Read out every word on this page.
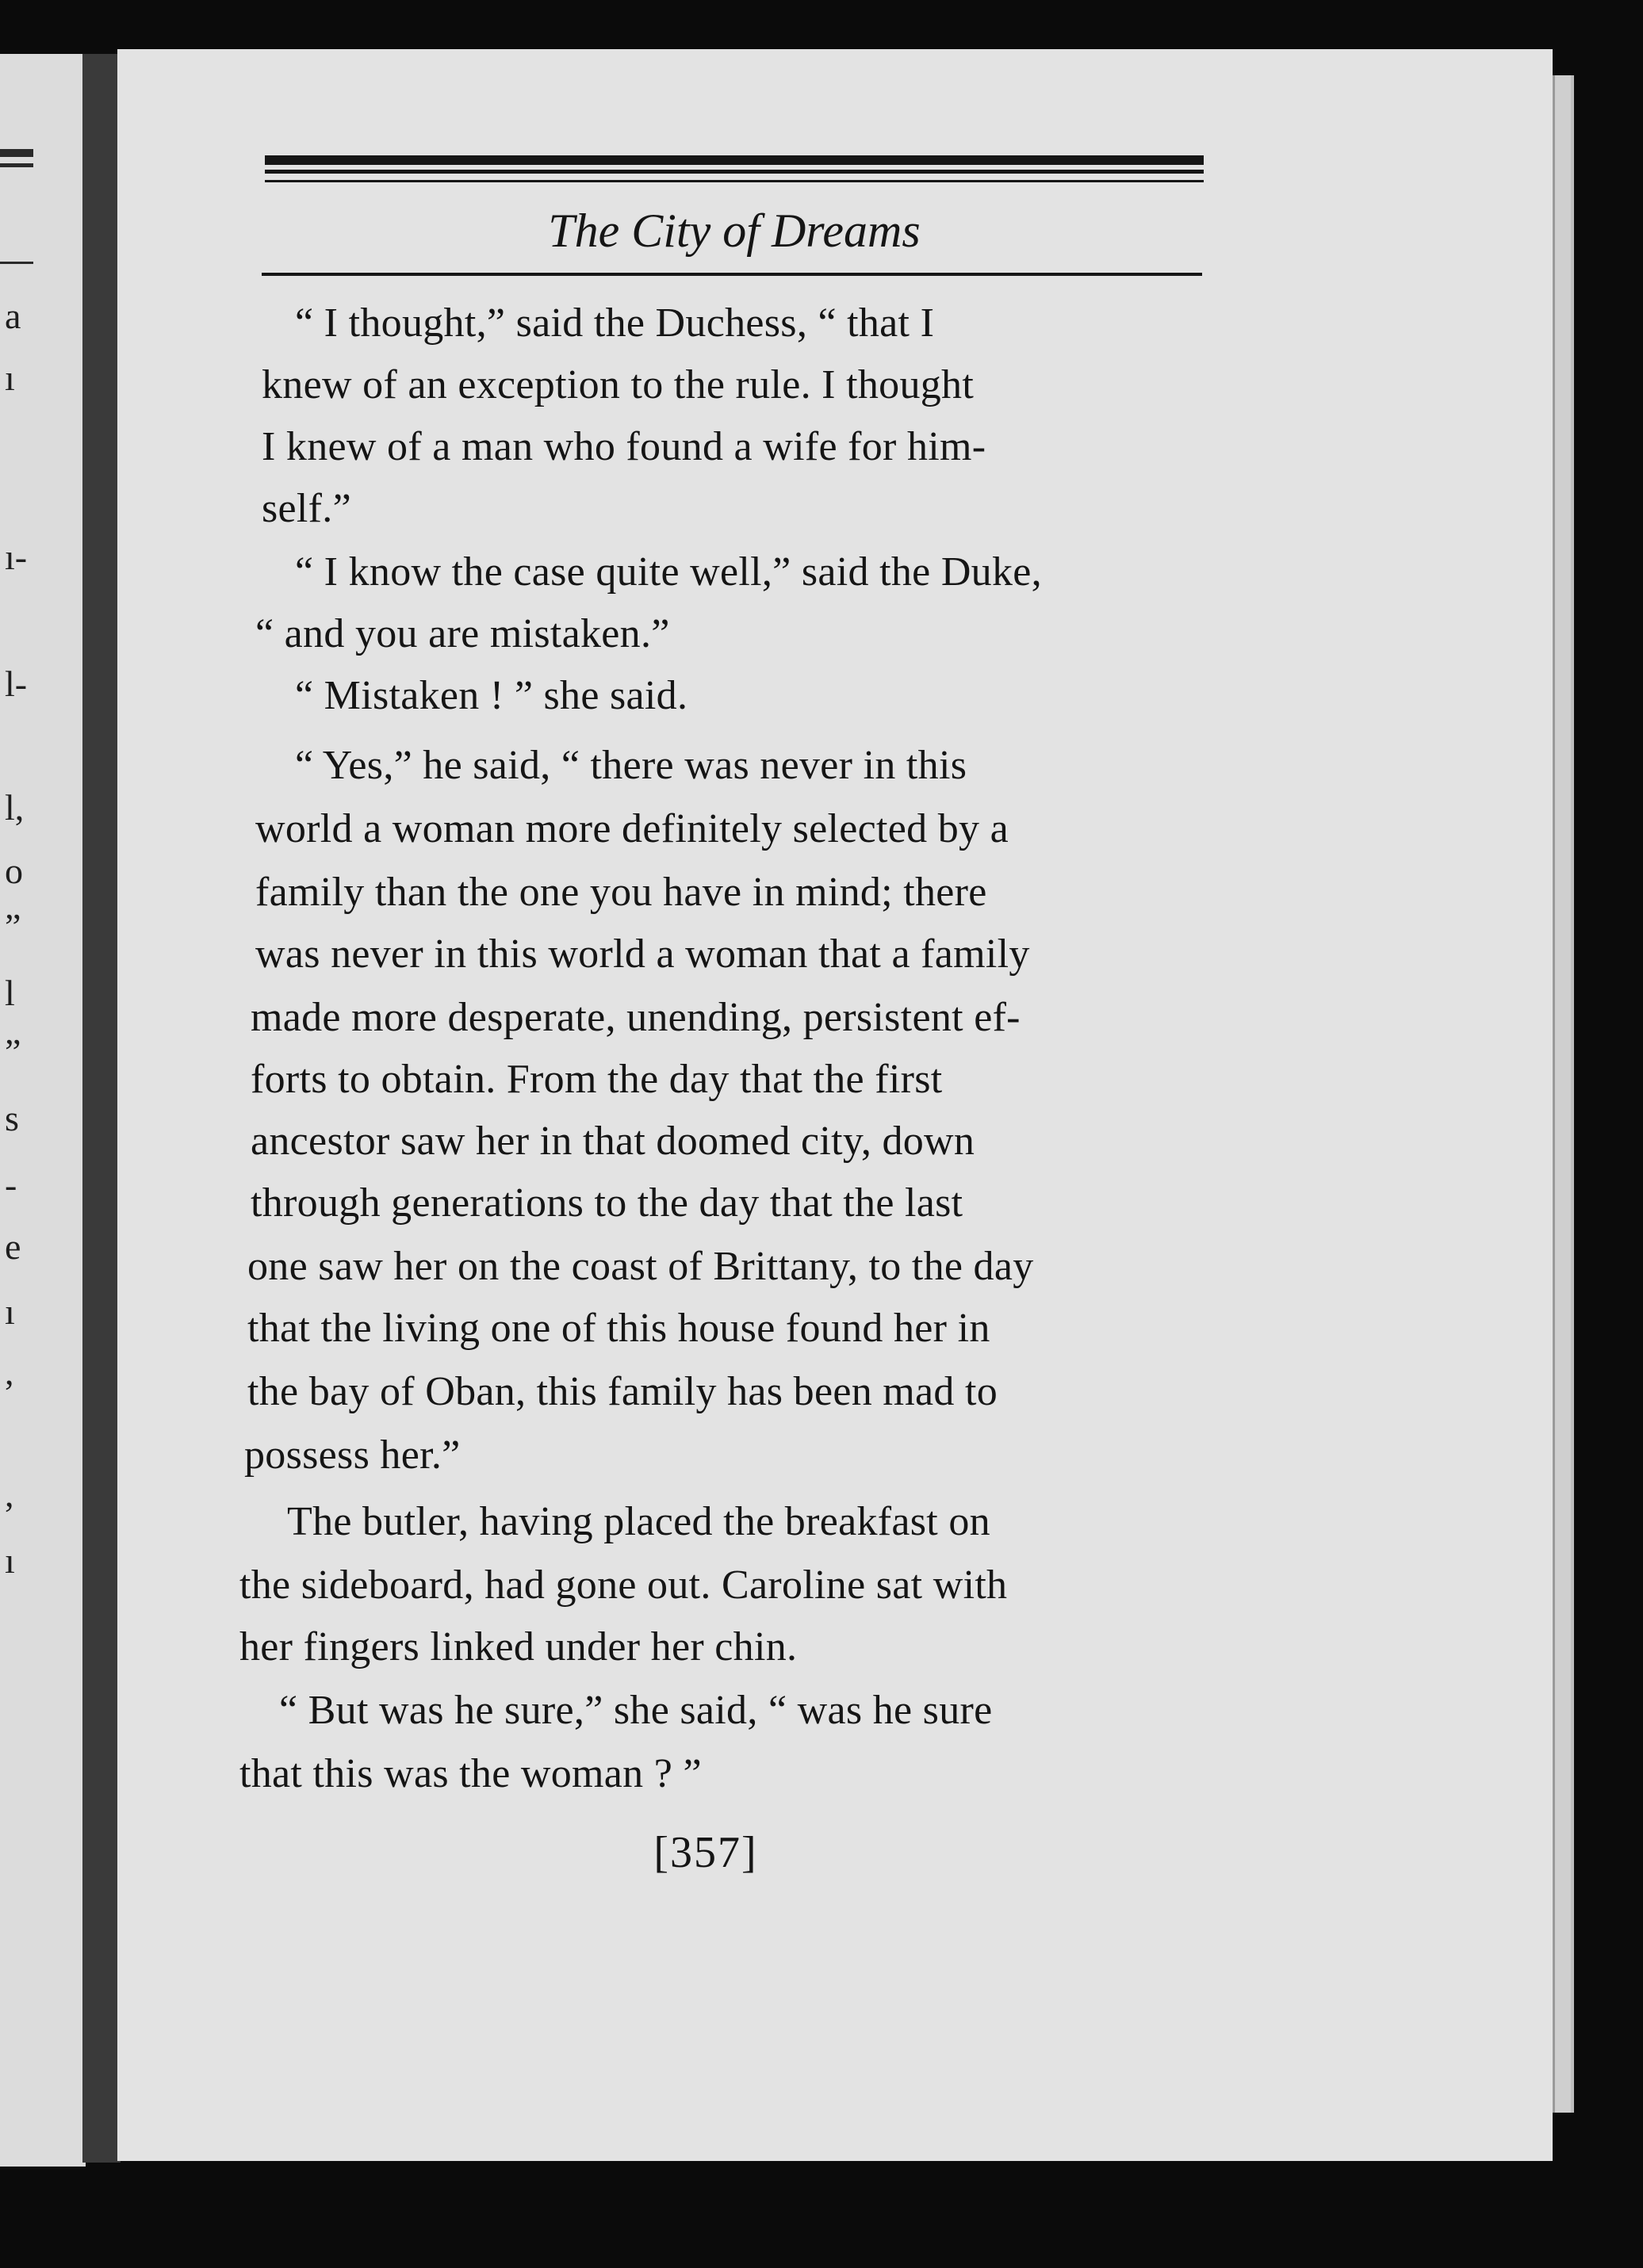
a
ı
ı-
l-
l,
o
”
l
”
s
-
e
ı
,
,
ı
The City of Dreams
“ I thought,” said the Duchess, “ that I
knew of an exception to the rule. I thought
I knew of a man who found a wife for him-
self.”
“ I know the case quite well,” said the Duke,
“ and you are mistaken.”
“ Mistaken ! ” she said.
“ Yes,” he said, “ there was never in this
world a woman more definitely selected by a
family than the one you have in mind; there
was never in this world a woman that a family
made more desperate, unending, persistent ef-
forts to obtain. From the day that the first
ancestor saw her in that doomed city, down
through generations to the day that the last
one saw her on the coast of Brittany, to the day
that the living one of this house found her in
the bay of Oban, this family has been mad to
possess her.”
The butler, having placed the breakfast on
the sideboard, had gone out. Caroline sat with
her fingers linked under her chin.
“ But was he sure,” she said, “ was he sure
that this was the woman ? ”
[357]
